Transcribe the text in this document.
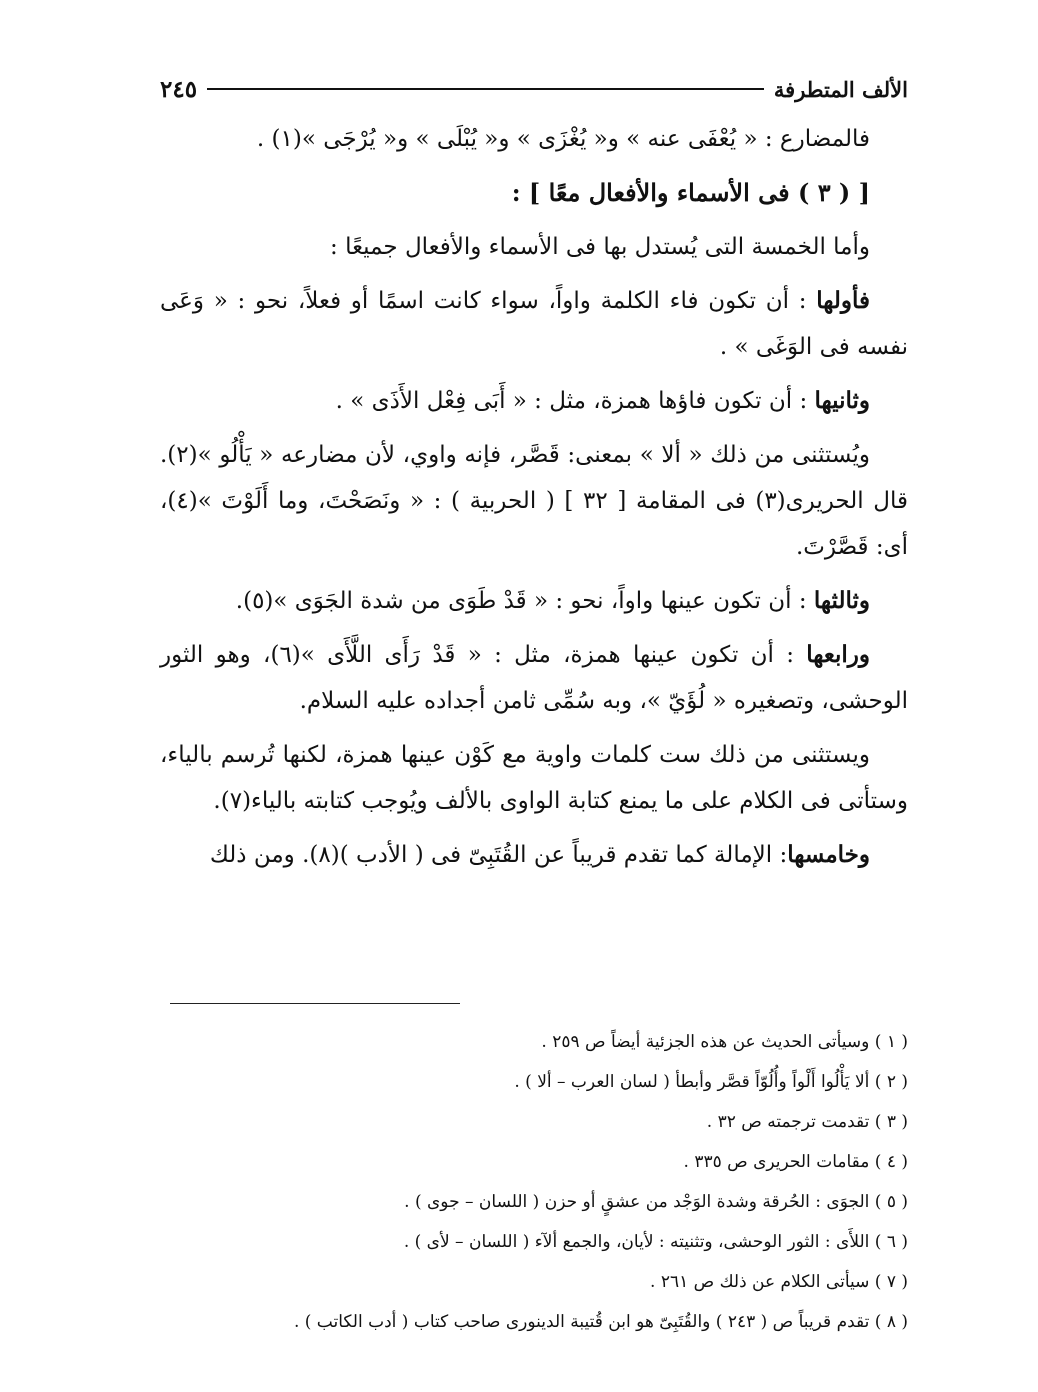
الألف المتطرفة
٢٤٥

فالمضارع : « يُعْفَى عنه » و« يُغْزَى » و« يُبْلَى » و« يُرْجَى »(١) .

[ ( ٣ ) فى الأسماء والأفعال معًا ] :

وأما الخمسة التى يُستدل بها فى الأسماء والأفعال جميعًا :

فأولها : أن تكون فاء الكلمة واواً، سواء كانت اسمًا أو فعلاً، نحو : « وَعَى نفسه فى الوَغَى » .

وثانيها : أن تكون فاؤها همزة، مثل : « أَبَى فِعْل الأَذَى » .

ويُستثنى من ذلك « ألا » بمعنى: قَصَّر، فإنه واوي، لأن مضارعه « يَأْلُو »(٢). قال الحريرى(٣) فى المقامة [ ٣٢ ] ( الحربية ) : « ونَصَحْتَ، وما أَلَوْتَ »(٤)، أى: قَصَّرْتَ.

وثالثها : أن تكون عينها واواً، نحو : « قَدْ طَوَى من شدة الجَوَى »(٥).

ورابعها : أن تكون عينها همزة، مثل : « قَدْ رَأَى اللَّأَى »(٦)، وهو الثور الوحشى، وتصغيره « لُؤَيّ »، وبه سُمِّى ثامن أجداده عليه السلام.

ويستثنى من ذلك ست كلمات واوية مع كَوْن عينها همزة، لكنها تُرسم بالياء، وستأتى فى الكلام على ما يمنع كتابة الواوى بالألف ويُوجب كتابته بالياء(٧).

وخامسها: الإمالة كما تقدم قريباً عن القُتَبِىّ فى ( الأدب )(٨). ومن ذلك

( ١ ) وسيأتى الحديث عن هذه الجزئية أيضاً ص ٢٥٩ .
( ٢ ) ألا يَأْلُوا أَلْواً وأُلُوّاً قصَّر وأبطأ ( لسان العرب – ألا ) .
( ٣ ) تقدمت ترجمته ص ٣٢ .
( ٤ ) مقامات الحريرى ص ٣٣٥ .
( ٥ ) الجوَى : الحُرقة وشدة الوَجْد من عشقٍ أو حزن ( اللسان – جوى ) .
( ٦ ) اللأَى : الثور الوحشى، وتثنيته : لأيان، والجمع ألآء ( اللسان – لأى ) .
( ٧ ) سيأتى الكلام عن ذلك ص ٢٦١ .
( ٨ ) تقدم قريباً ص ( ٢٤٣ ) والقُتَبِىّ هو ابن قُتيبة الدينورى صاحب كتاب ( أدب الكاتب ) .
